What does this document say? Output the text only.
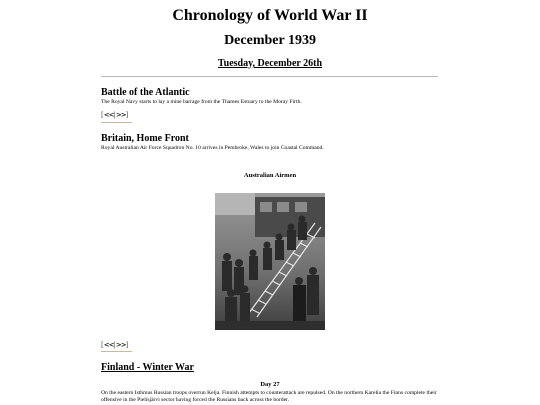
Chronology of World War II
December 1939
Tuesday, December 26th
Battle of the Atlantic
The Royal Navy starts to lay a mine barrage from the Thames Estuary to the Moray Firth.
[<<|>>]
Britain, Home Front
Royal Australian Air Force Squadron No. 10 arrives in Pembroke, Wales to join Coastal Command.
Australian Airmen
[<<|>>]
Finland - Winter War
Day 27
On the eastern Isthmus Russian troops overrun Kelja. Finnish attempts to counterattack are repulsed. On the northern Karelia the Finns complete their offensive in the Pielisjärvi sector having forced the Russians back across the border.
